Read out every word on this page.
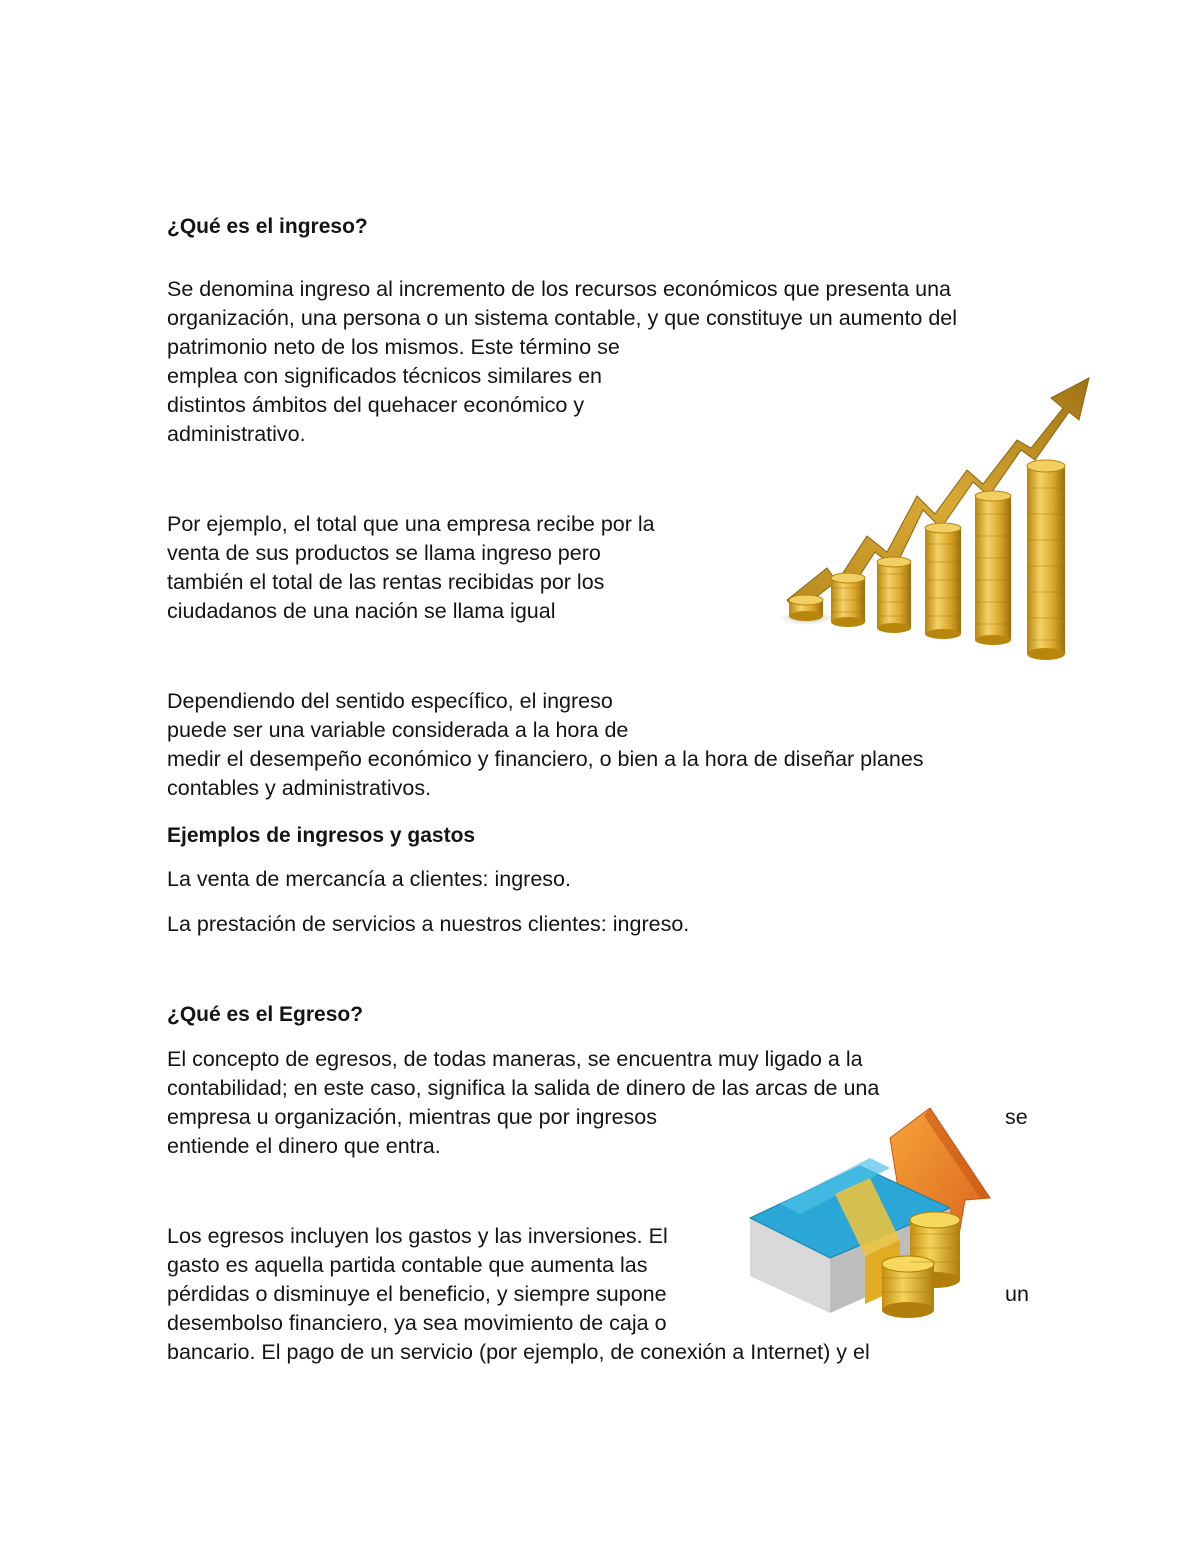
¿Qué es el ingreso?
Se denomina ingreso al incremento de los recursos económicos que presenta una
organización, una persona o un sistema contable, y que constituye un aumento del
patrimonio neto de los mismos. Este término se
emplea con significados técnicos similares en
distintos ámbitos del quehacer económico y
administrativo.
Por ejemplo, el total que una empresa recibe por la
venta de sus productos se llama ingreso pero
también el total de las rentas recibidas por los
ciudadanos de una nación se llama igual
Dependiendo del sentido específico, el ingreso
puede ser una variable considerada a la hora de
medir el desempeño económico y financiero, o bien a la hora de diseñar planes
contables y administrativos.
Ejemplos de ingresos y gastos
La venta de mercancía a clientes: ingreso.
La prestación de servicios a nuestros clientes: ingreso.
¿Qué es el Egreso?
El concepto de egresos, de todas maneras, se encuentra muy ligado a la
contabilidad; en este caso, significa la salida de dinero de las arcas de una
empresa u organización, mientras que por ingresos	se
entiende el dinero que entra.
Los egresos incluyen los gastos y las inversiones. El
gasto es aquella partida contable que aumenta las
pérdidas o disminuye el beneficio, y siempre supone	un
desembolso financiero, ya sea movimiento de caja o
bancario. El pago de un servicio (por ejemplo, de conexión a Internet) y el
